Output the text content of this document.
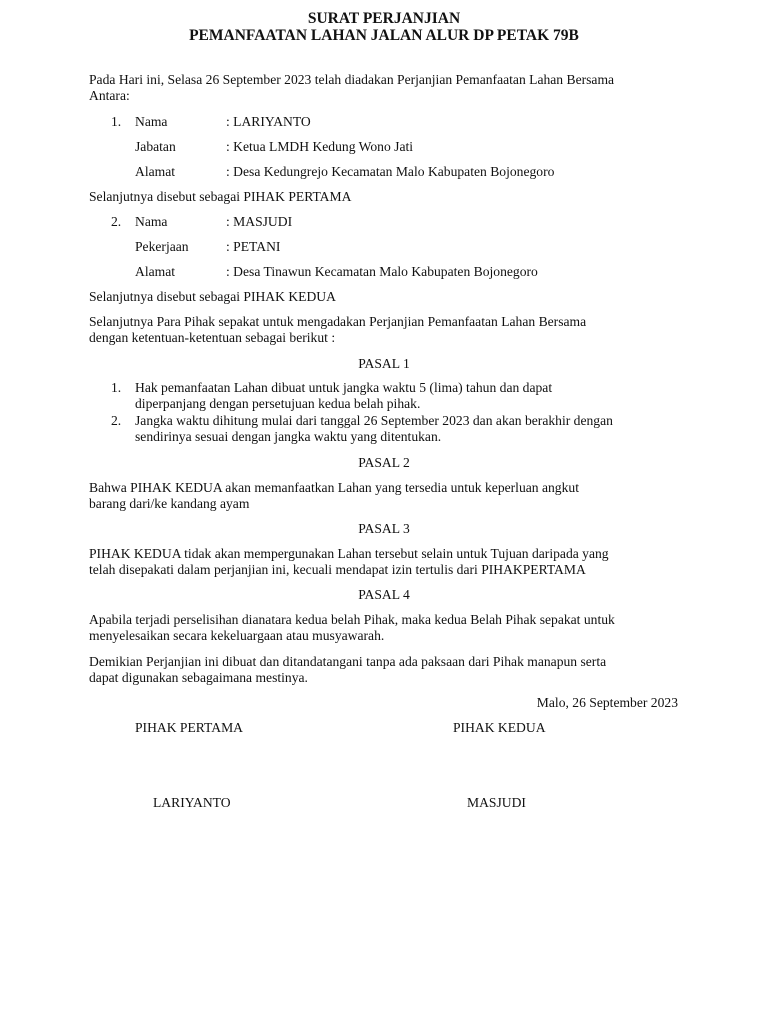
SURAT PERJANJIAN
PEMANFAATAN LAHAN JALAN ALUR DP PETAK 79B
Pada Hari ini, Selasa 26 September 2023 telah diadakan Perjanjian Pemanfaatan Lahan Bersama
Antara:
1. Nama	: LARIYANTO
Jabatan	: Ketua LMDH Kedung Wono Jati
Alamat	: Desa Kedungrejo Kecamatan Malo Kabupaten Bojonegoro
Selanjutnya disebut sebagai PIHAK PERTAMA
2. Nama	: MASJUDI
Pekerjaan	: PETANI
Alamat	: Desa Tinawun Kecamatan Malo Kabupaten Bojonegoro
Selanjutnya disebut sebagai PIHAK KEDUA
Selanjutnya Para Pihak sepakat untuk mengadakan Perjanjian Pemanfaatan Lahan Bersama
dengan ketentuan-ketentuan sebagai berikut :
PASAL 1
1. Hak pemanfaatan Lahan dibuat untuk jangka waktu 5 (lima) tahun dan dapat
diperpanjang dengan persetujuan kedua belah pihak.
2. Jangka waktu dihitung mulai dari tanggal 26 September 2023 dan akan berakhir dengan
sendirinya sesuai dengan jangka waktu yang ditentukan.
PASAL 2
Bahwa PIHAK KEDUA akan memanfaatkan Lahan yang tersedia untuk keperluan angkut
barang dari/ke kandang ayam
PASAL 3
PIHAK KEDUA tidak akan mempergunakan Lahan tersebut selain untuk Tujuan daripada yang
telah disepakati dalam perjanjian ini, kecuali mendapat izin tertulis dari PIHAKPERTAMA
PASAL 4
Apabila terjadi perselisihan dianatara kedua belah Pihak, maka kedua Belah Pihak sepakat untuk
menyelesaikan secara kekeluargaan atau musyawarah.
Demikian Perjanjian ini dibuat dan ditandatangani tanpa ada paksaan dari Pihak manapun serta
dapat digunakan sebagaimana mestinya.
Malo, 26 September 2023
PIHAK PERTAMA	PIHAK KEDUA
LARIYANTO	MASJUDI
